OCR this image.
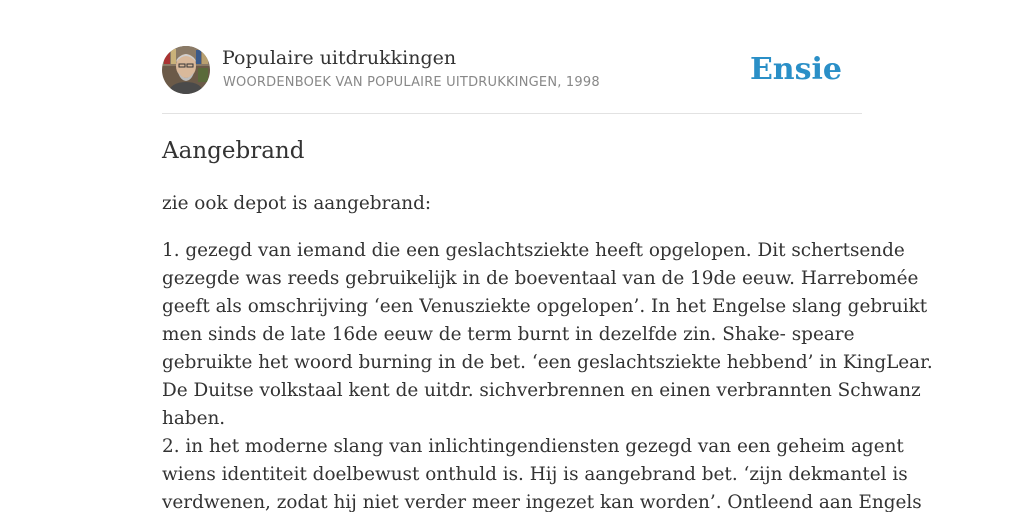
Populaire uitdrukkingen
WOORDENBOEK VAN POPULAIRE UITDRUKKINGEN, 1998	Ensie
Aangebrand

zie ook depot is aangebrand:

1. gezegd van iemand die een geslachtsziekte heeft opgelopen. Dit schertsende
gezegde was reeds gebruikelijk in de boeventaal van de 19de eeuw. Harrebomée
geeft als omschrijving ‘een Venusziekte opgelopen’. In het Engelse slang gebruikt
men sinds de late 16de eeuw de term burnt in dezelfde zin. Shake- speare
gebruikte het woord burning in de bet. ‘een geslachtsziekte hebbend’ in KingLear.
De Duitse volkstaal kent de uitdr. sichverbrennen en einen verbrannten Schwanz
haben.
2. in het moderne slang van inlichtingendiensten gezegd van een geheim agent
wiens identiteit doelbewust onthuld is. Hij is aangebrand bet. ‘zijn dekmantel is
verdwenen, zodat hij niet verder meer ingezet kan worden’. Ontleend aan Engels
